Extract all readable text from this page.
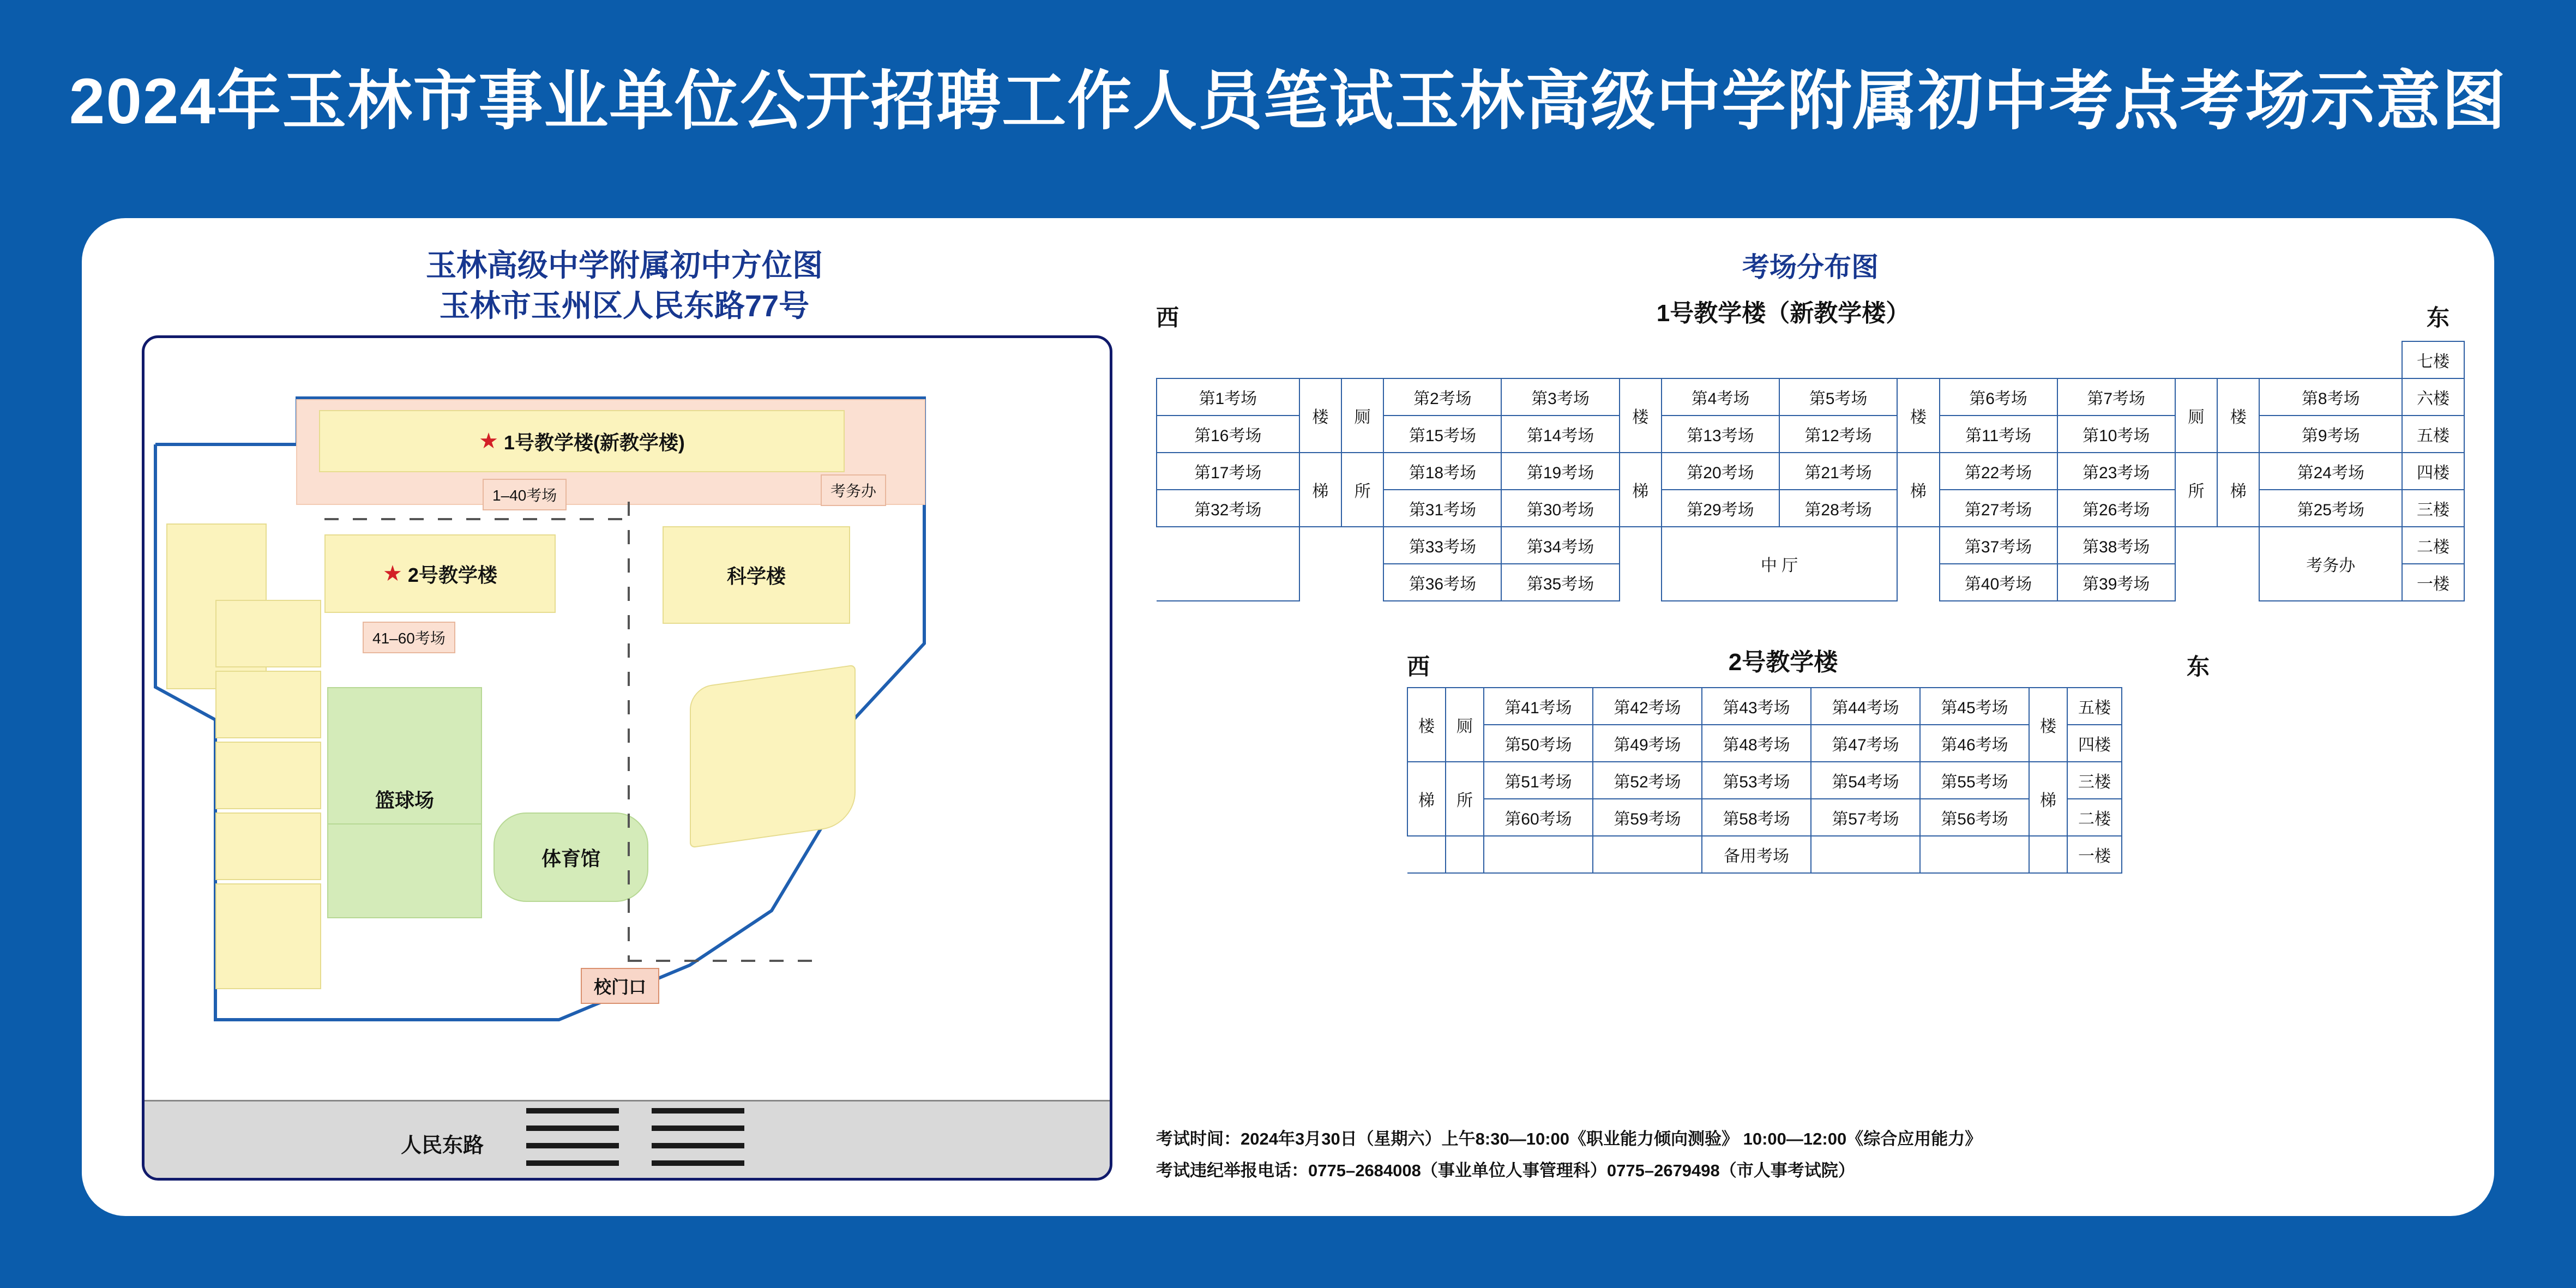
2024年玉林市事业单位公开招聘工作人员笔试玉林高级中学附属初中考点考场示意图
玉林高级中学附属初中方位图
玉林市玉州区人民东路77号
★ 1号教学楼(新教学楼)
1–40考场	考务办
★ 2号教学楼
41–60考场
科学楼
篮球场
体育馆
校门口
人民东路
考场分布图
西	1号教学楼（新教学楼）	东
														七楼
第1考场	楼	厕	第2考场	第3考场	楼	第4考场	第5考场	楼	第6考场	第7考场	厕	楼	第8考场	六楼
第16考场			第15考场	第14考场		第13考场	第12考场		第11考场	第10考场			第9考场	五楼
第17考场	梯	所	第18考场	第19考场	梯	第20考场	第21考场	梯	第22考场	第23考场	所	梯	第24考场	四楼
第32考场			第31考场	第30考场		第29考场	第28考场		第27考场	第26考场			第25考场	三楼
			第33考场	第34考场		中 厅			第37考场	第38考场			考务办	二楼
			第36考场	第35考场					第40考场	第39考场				一楼
西	2号教学楼	东
楼	厕	第41考场	第42考场	第43考场	第44考场	第45考场	楼	五楼
		第50考场	第49考场	第48考场	第47考场	第46考场		四楼
梯	所	第51考场	第52考场	第53考场	第54考场	第55考场	梯	三楼
		第60考场	第59考场	第58考场	第57考场	第56考场		二楼
				备用考场				一楼
考试时间：2024年3月30日（星期六）上午8:30—10:00《职业能力倾向测验》 10:00—12:00《综合应用能力》
考试违纪举报电话：0775–2684008（事业单位人事管理科）0775–2679498（市人事考试院）
